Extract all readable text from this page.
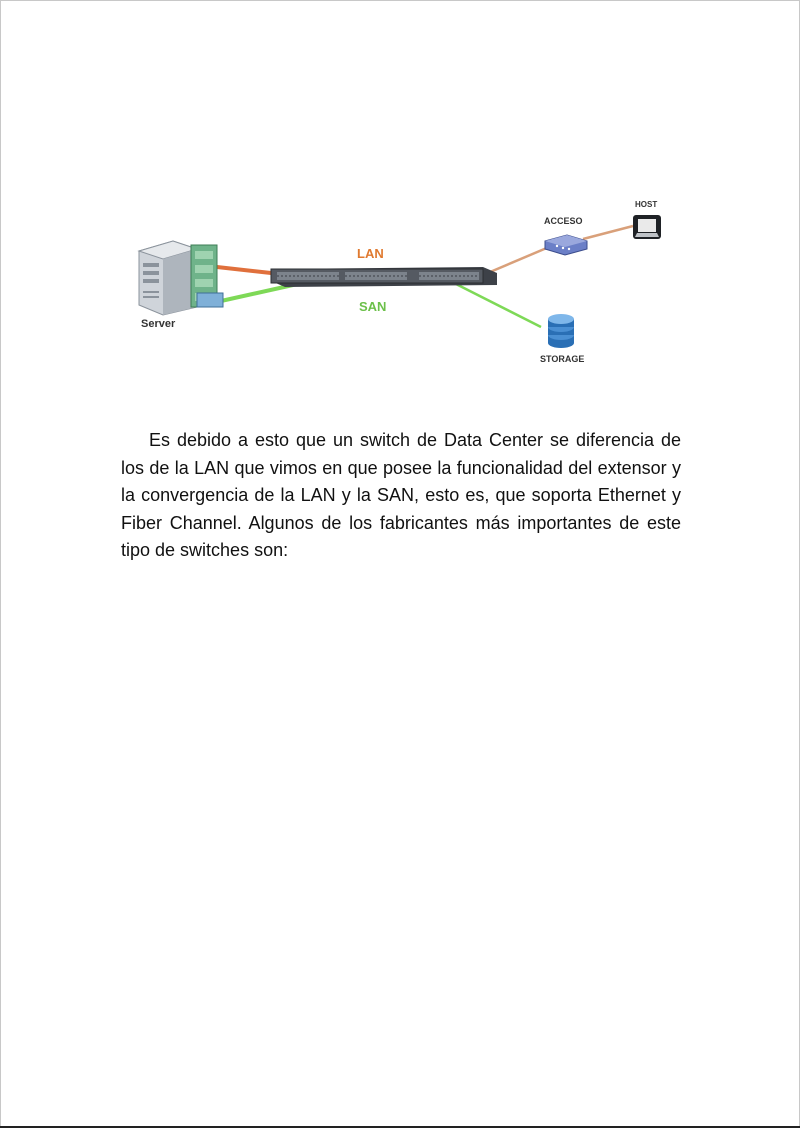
Server
LAN
SAN
ACCESO
HOST
STORAGE

Es debido a esto que un switch de Data Center se diferencia de los de la LAN que vimos en que posee la funcionalidad del extensor y la convergencia de la LAN y la SAN, esto es, que soporta Ethernet y Fiber Channel. Algunos de los fabricantes más importantes de este tipo de switches son:
